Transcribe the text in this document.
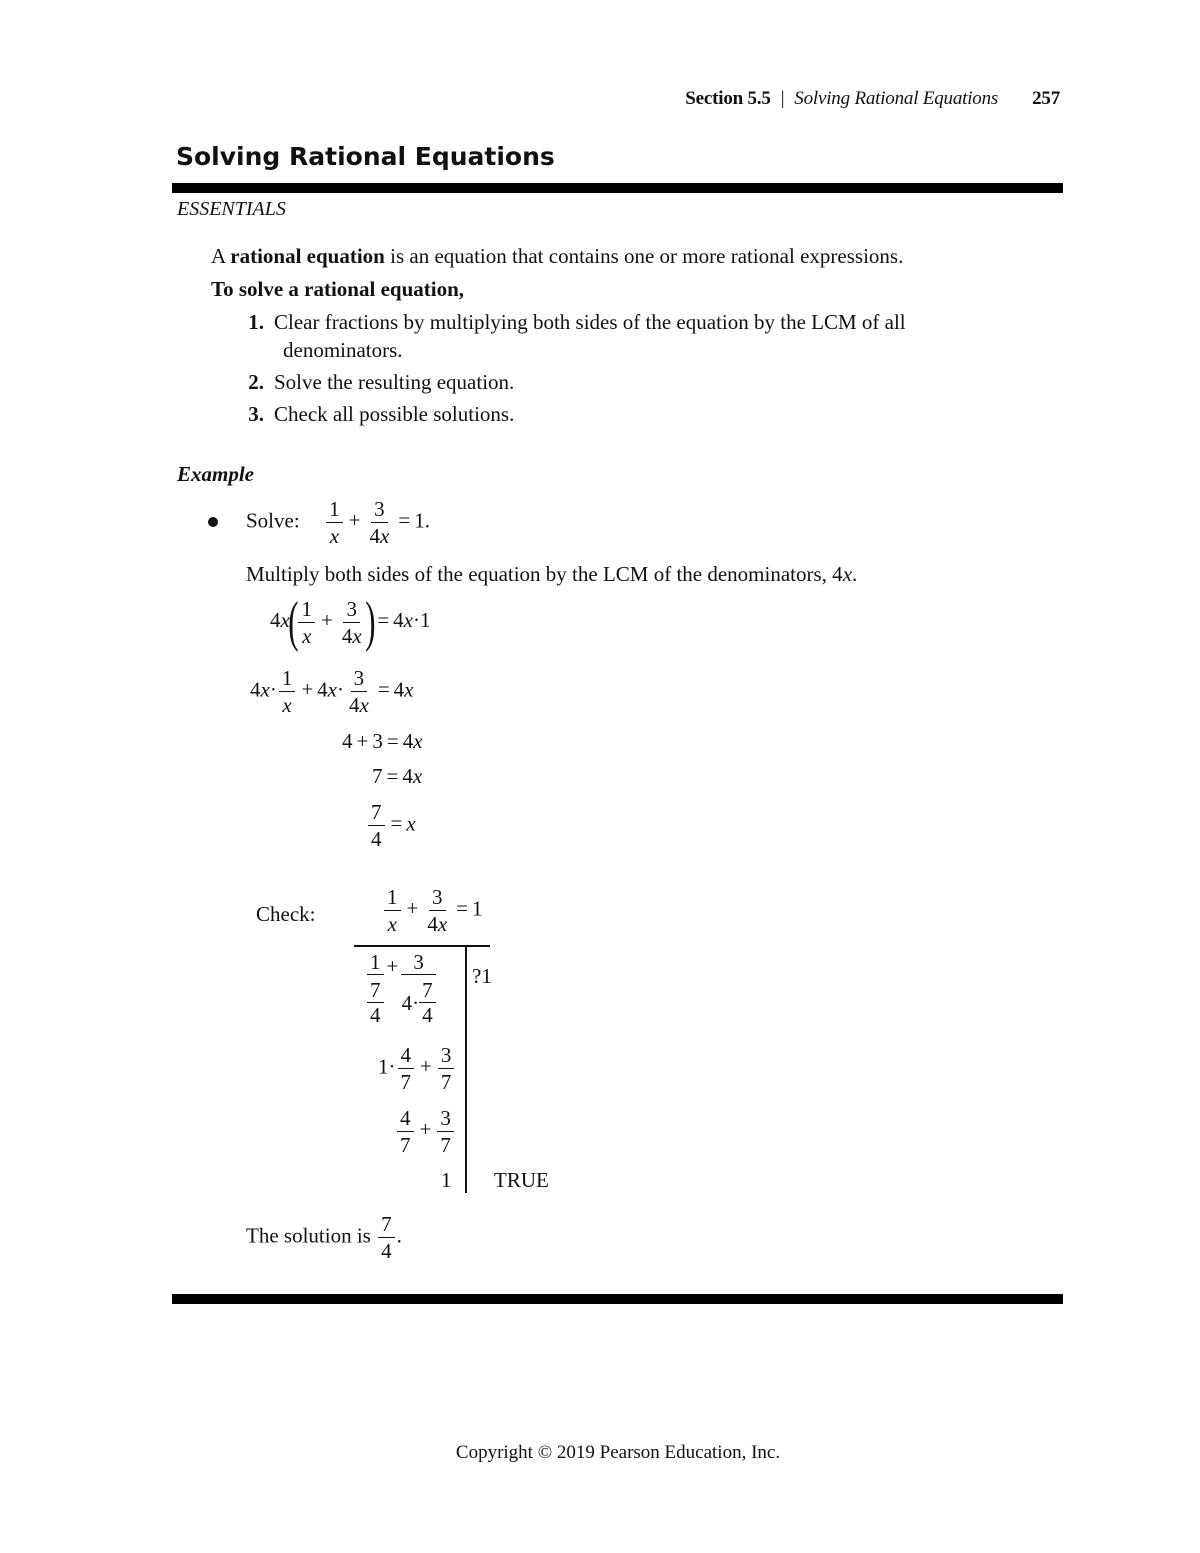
Section 5.5 | Solving Rational Equations 257
Solving Rational Equations
ESSENTIALS
A rational equation is an equation that contains one or more rational expressions.
To solve a rational equation,
1. Clear fractions by multiplying both sides of the equation by the LCM of all
denominators.
2. Solve the resulting equation.
3. Check all possible solutions.
Example
Solve: $\frac{1}{x} + \frac{3}{4x} = 1$.
Multiply both sides of the equation by the LCM of the denominators, 4x.
$4x( \frac{1}{x} + \frac{3}{4x}$ ) = 4x·1
$4x\cdot \frac{1}{x} + 4x\cdot \frac{3}{4x} = 4x$
4 + 3 = 4x
7 = 4x
$\frac{7}{4} = x$
Check:	$\frac{1}{x} + \frac{3}{4x} = 1$
1
7
4 + 3
4·
7
4 ?1
$1\cdot \frac{4}{7} + \frac{3}{7}$
$\frac{4}{7} + \frac{3}{7}$
1 TRUE
The solution is $\frac{7}{4}$ .
Copyright © 2019 Pearson Education, Inc.
